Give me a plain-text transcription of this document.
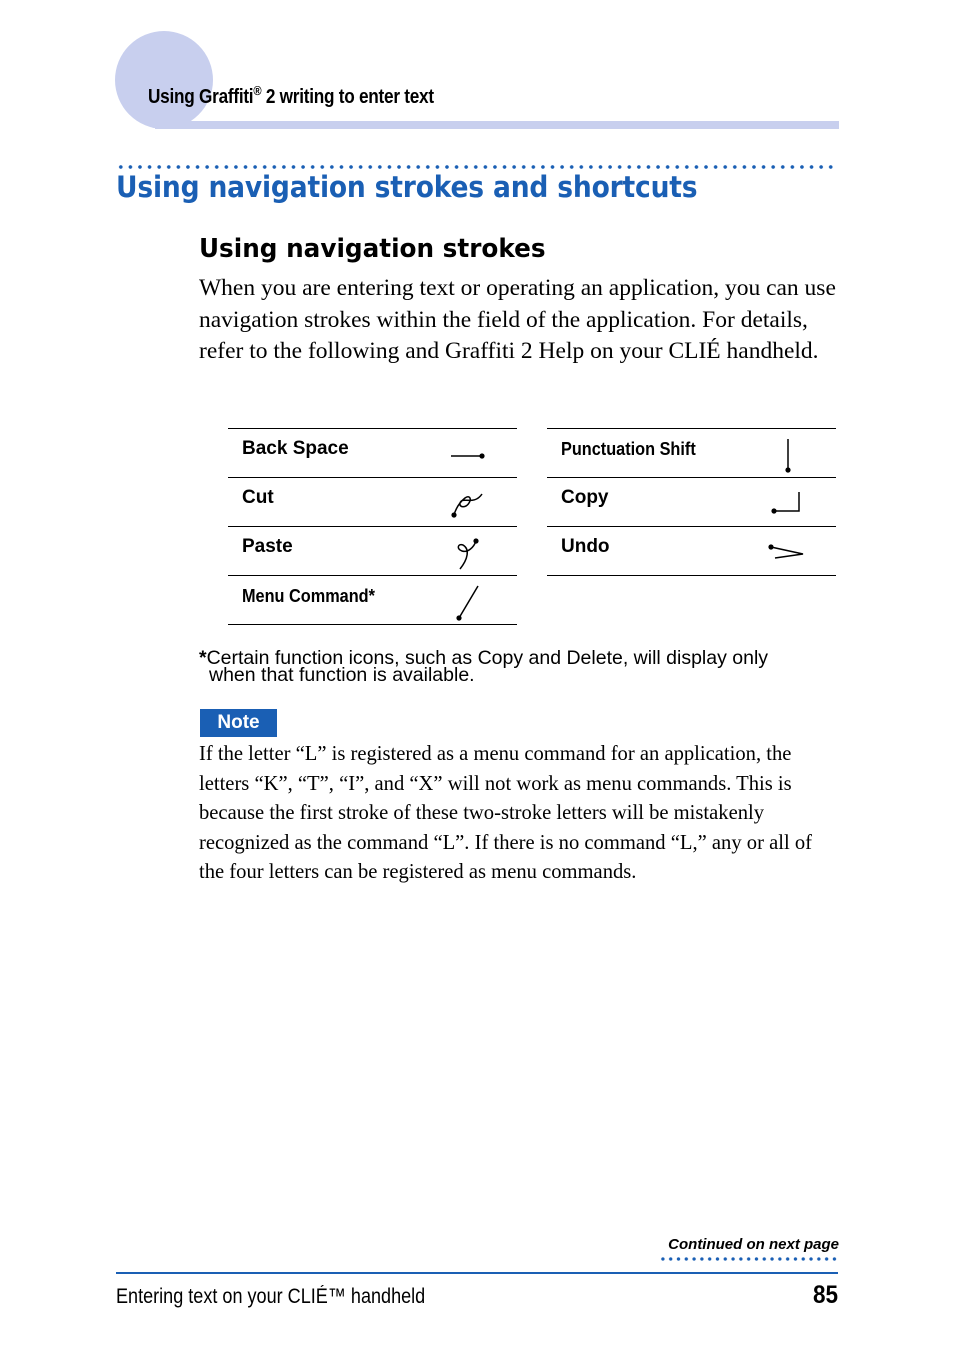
Using Graffiti® 2 writing to enter text
Using navigation strokes and shortcuts
Using navigation strokes
When you are entering text or operating an application, you can use navigation strokes within the field of the application. For details, refer to the following and Graffiti 2 Help on your CLIÉ handheld.
Back Space
Cut
Paste
Menu Command*
Punctuation Shift
Copy
Undo
*Certain function icons, such as Copy and Delete, will display only
when that function is available.
Note
If the letter “L” is registered as a menu command for an application, the letters “K”, “T”, “I”, and “X” will not work as menu commands. This is because the first stroke of these two-stroke letters will be mistakenly recognized as the command “L”. If there is no command “L,” any or all of the four letters can be registered as menu commands.
Continued on next page
Entering text on your CLIÉ™ handheld	85
